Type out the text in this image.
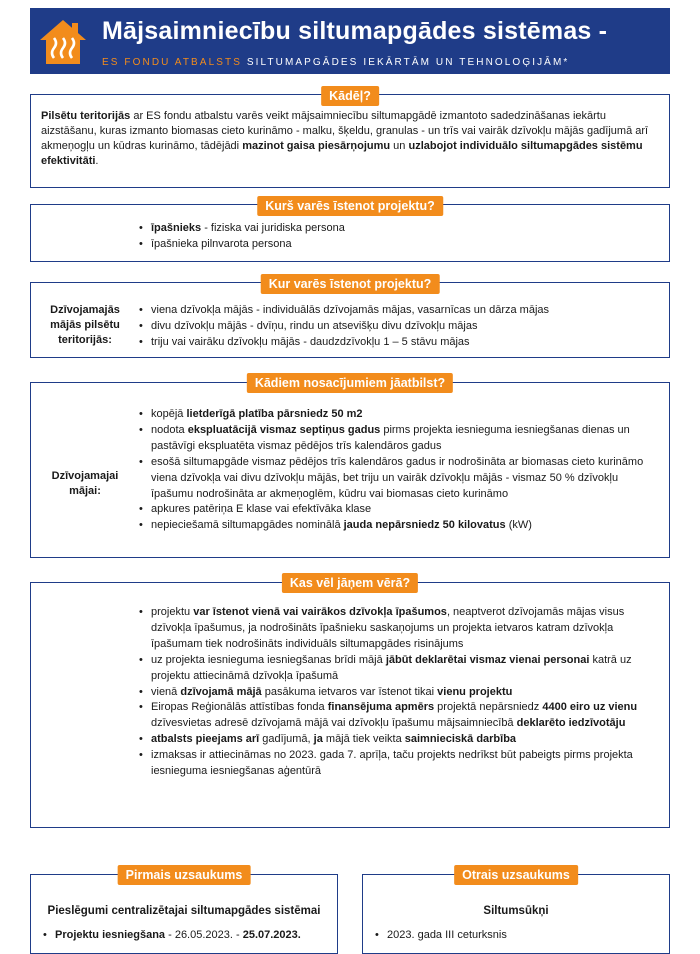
Mājsaimniecību siltumapgādes sistēmas -
ES FONDU ATBALSTS SILTUMAPGĀDES IEKĀRTĀM UN TEHNOLOĢIJĀM*
Pilsētu teritorijās ar ES fondu atbalstu varēs veikt mājsaimniecību siltumapgādē izmantoto sadedzināšanas iekārtu aizstāšanu, kuras izmanto biomasas cieto kurināmo - malku, šķeldu, granulas - un trīs vai vairāk dzīvokļu mājās gadījumā arī akmeņogļu un kūdras kurināmo, tādējādi mazinot gaisa piesārņojumu un uzlabojot individuālo siltumapgādes sistēmu efektivitāti.
Kādēļ?
• īpašnieks - fiziska vai juridiska persona
• īpašnieka pilnvarota persona
Kurš varēs īstenot projektu?
Dzīvojamajās mājās pilsētu teritorijās:
• viena dzīvokļa mājās - individuālās dzīvojamās mājas, vasarnīcas un dārza mājas
• divu dzīvokļu mājās - dvīņu, rindu un atsevišķu divu dzīvokļu mājas
• triju vai vairāku dzīvokļu mājās - daudzdzīvokļu 1 – 5 stāvu mājas
Kur varēs īstenot projektu?
Dzīvojamajai mājai:
• kopējā lietderīgā platība pārsniedz 50 m2
• nodota ekspluatācijā vismaz septiņus gadus pirms projekta iesnieguma iesniegšanas dienas un pastāvīgi ekspluatēta vismaz pēdējos trīs kalendāros gadus
• esošā siltumapgāde vismaz pēdējos trīs kalendāros gadus ir nodrošināta ar biomasas cieto kurināmo viena dzīvokļa vai divu dzīvokļu mājās, bet triju un vairāk dzīvokļu mājās - vismaz 50 % dzīvokļu īpašumu nodrošināta ar akmeņoglēm, kūdru vai biomasas cieto kurināmo
• apkures patēriņa E klase vai efektīvāka klase
• nepieciešamā siltumapgādes nominālā jauda nepārsniedz 50 kilovatus (kW)
Kādiem nosacījumiem jāatbilst?
• projektu var īstenot vienā vai vairākos dzīvokļa īpašumos, neaptverot dzīvojamās mājas visus dzīvokļa īpašumus, ja nodrošināts īpašnieku saskaņojums un projekta ietvaros katram dzīvokļa īpašumam tiek nodrošināts individuāls siltumapgādes risinājums
• uz projekta iesnieguma iesniegšanas brīdi mājā jābūt deklarētai vismaz vienai personai katrā uz projektu attiecināmā dzīvokļa īpašumā
• vienā dzīvojamā mājā pasākuma ietvaros var īstenot tikai vienu projektu
• Eiropas Reģionālās attīstības fonda finansējuma apmērs projektā nepārsniedz 4400 eiro uz vienu dzīvesvietas adresē dzīvojamā mājā vai dzīvokļu īpašumu mājsaimniecībā deklarēto iedzīvotāju
• atbalsts pieejams arī gadījumā, ja mājā tiek veikta saimnieciskā darbība
• izmaksas ir attiecināmas no 2023. gada 7. aprīļa, taču projekts nedrīkst būt pabeigts pirms projekta iesnieguma iesniegšanas aģentūrā
Kas vēl jāņem vērā?
Pieslēgumi centralizētajai siltumapgādes sistēmai
• Projektu iesniegšana - 26.05.2023. - 25.07.2023.
Pirmais uzsaukums
Siltumsūkņi
• 2023. gada III ceturksnis
Otrais uzsaukums
